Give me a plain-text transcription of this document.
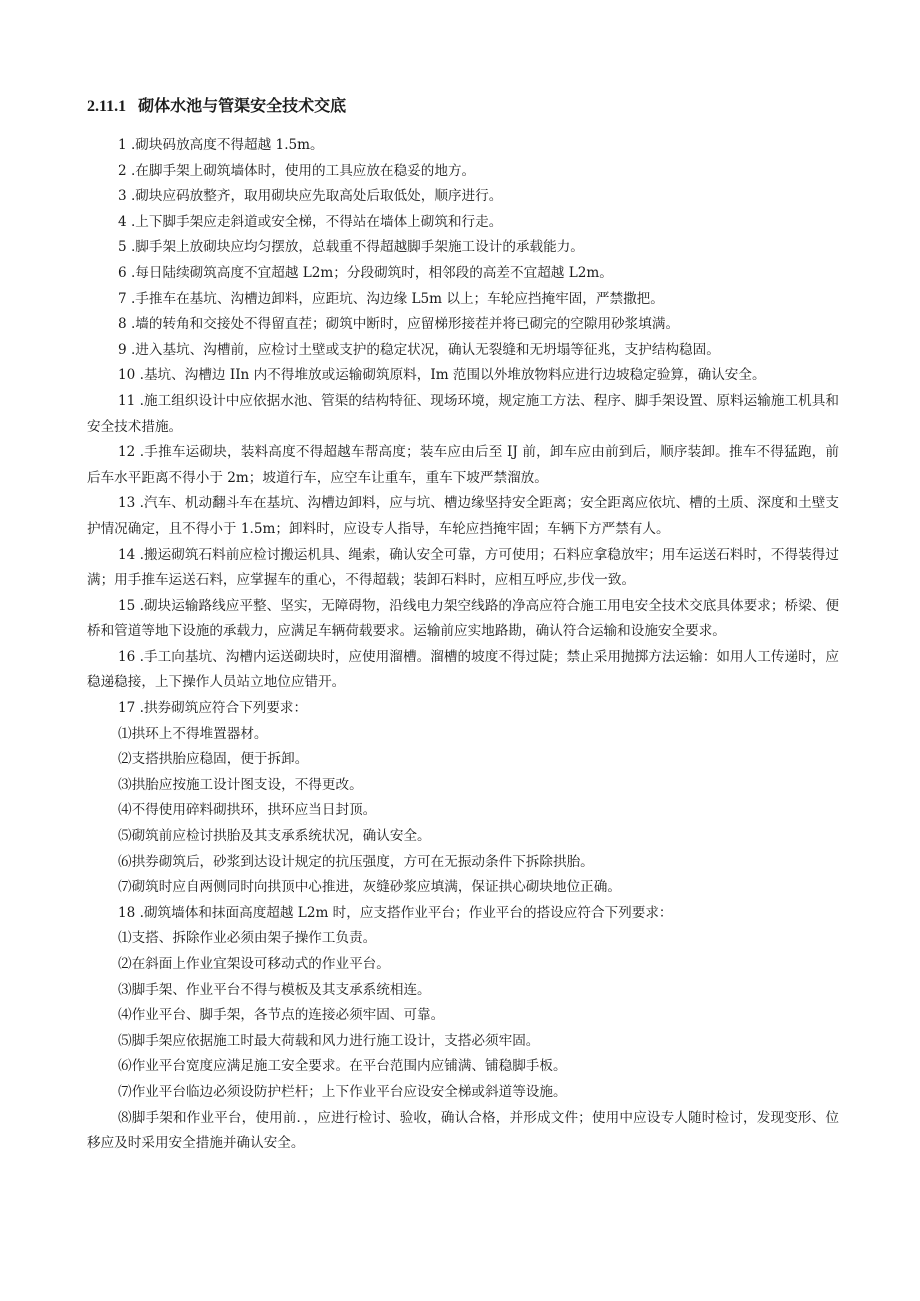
2.11.1 砌体水池与管渠安全技术交底

1 .砌块码放高度不得超越 1.5m。

2 .在脚手架上砌筑墙体时，使用的工具应放在稳妥的地方。

3 .砌块应码放整齐，取用砌块应先取高处后取低处，顺序进行。

4 .上下脚手架应走斜道或安全梯，不得站在墙体上砌筑和行走。

5 .脚手架上放砌块应均匀摆放，总载重不得超越脚手架施工设计的承载能力。

6 .每日陆续砌筑高度不宜超越 L2m；分段砌筑时，相邻段的高差不宜超越 L2m。

7 .手推车在基坑、沟槽边卸料，应距坑、沟边缘 L5m 以上；车轮应挡掩牢固，严禁撒把。

8 .墙的转角和交接处不得留直茬；砌筑中断时，应留梯形接茬并将已砌完的空隙用砂浆填满。

9 .进入基坑、沟槽前，应检讨土壁或支护的稳定状况，确认无裂缝和无坍塌等征兆，支护结构稳固。

10 .基坑、沟槽边 IIn 内不得堆放或运输砌筑原料，Im 范围以外堆放物料应进行边坡稳定验算，确认安全。

11 .施工组织设计中应依据水池、管渠的结构特征、现场环境，规定施工方法、程序、脚手架设置、原料运输施工机具和安全技术措施。

12 .手推车运砌块，装料高度不得超越车帮高度；装车应由后至 IJ 前，卸车应由前到后，顺序装卸。推车不得猛跑，前后车水平距离不得小于 2m；坡道行车，应空车让重车，重车下坡严禁溜放。

13 .汽车、机动翻斗车在基坑、沟槽边卸料，应与坑、槽边缘坚持安全距离；安全距离应依坑、槽的土质、深度和土壁支护情况确定，且不得小于 1.5m；卸料时，应设专人指导，车轮应挡掩牢固；车辆下方严禁有人。

14 .搬运砌筑石料前应检讨搬运机具、绳索，确认安全可靠，方可使用；石料应拿稳放牢；用车运送石料时，不得装得过满；用手推车运送石料，应掌握车的重心，不得超载；装卸石料时，应相互呼应,步伐一致。

15 .砌块运输路线应平整、坚实，无障碍物，沿线电力架空线路的净高应符合施工用电安全技术交底具体要求；桥梁、便桥和管道等地下设施的承载力，应满足车辆荷载要求。运输前应实地路勘，确认符合运输和设施安全要求。

16 .手工向基坑、沟槽内运送砌块时，应使用溜槽。溜槽的坡度不得过陡；禁止采用抛掷方法运输：如用人工传递时，应稳递稳接，上下操作人员站立地位应错开。

17 .拱券砌筑应符合下列要求：

⑴拱环上不得堆置器材。

⑵支搭拱胎应稳固，便于拆卸。

⑶拱胎应按施工设计图支设，不得更改。

⑷不得使用碎料砌拱环，拱环应当日封顶。

⑸砌筑前应检讨拱胎及其支承系统状况，确认安全。

⑹拱券砌筑后，砂浆到达设计规定的抗压强度，方可在无振动条件下拆除拱胎。

⑺砌筑时应自两侧同时向拱顶中心推进，灰缝砂浆应填满，保证拱心砌块地位正确。

18 .砌筑墙体和抹面高度超越 L2m 时，应支搭作业平台；作业平台的搭设应符合下列要求：

⑴支搭、拆除作业必须由架子操作工负责。

⑵在斜面上作业宜架设可移动式的作业平台。

⑶脚手架、作业平台不得与模板及其支承系统相连。

⑷作业平台、脚手架，各节点的连接必须牢固、可靠。

⑸脚手架应依据施工时最大荷载和风力进行施工设计，支搭必须牢固。

⑹作业平台宽度应满足施工安全要求。在平台范围内应铺满、铺稳脚手板。

⑺作业平台临边必须设防护栏杆；上下作业平台应设安全梯或斜道等设施。

⑻脚手架和作业平台，使用前．，应进行检讨、验收，确认合格，并形成文件；使用中应设专人随时检讨，发现变形、位移应及时采用安全措施并确认安全。
